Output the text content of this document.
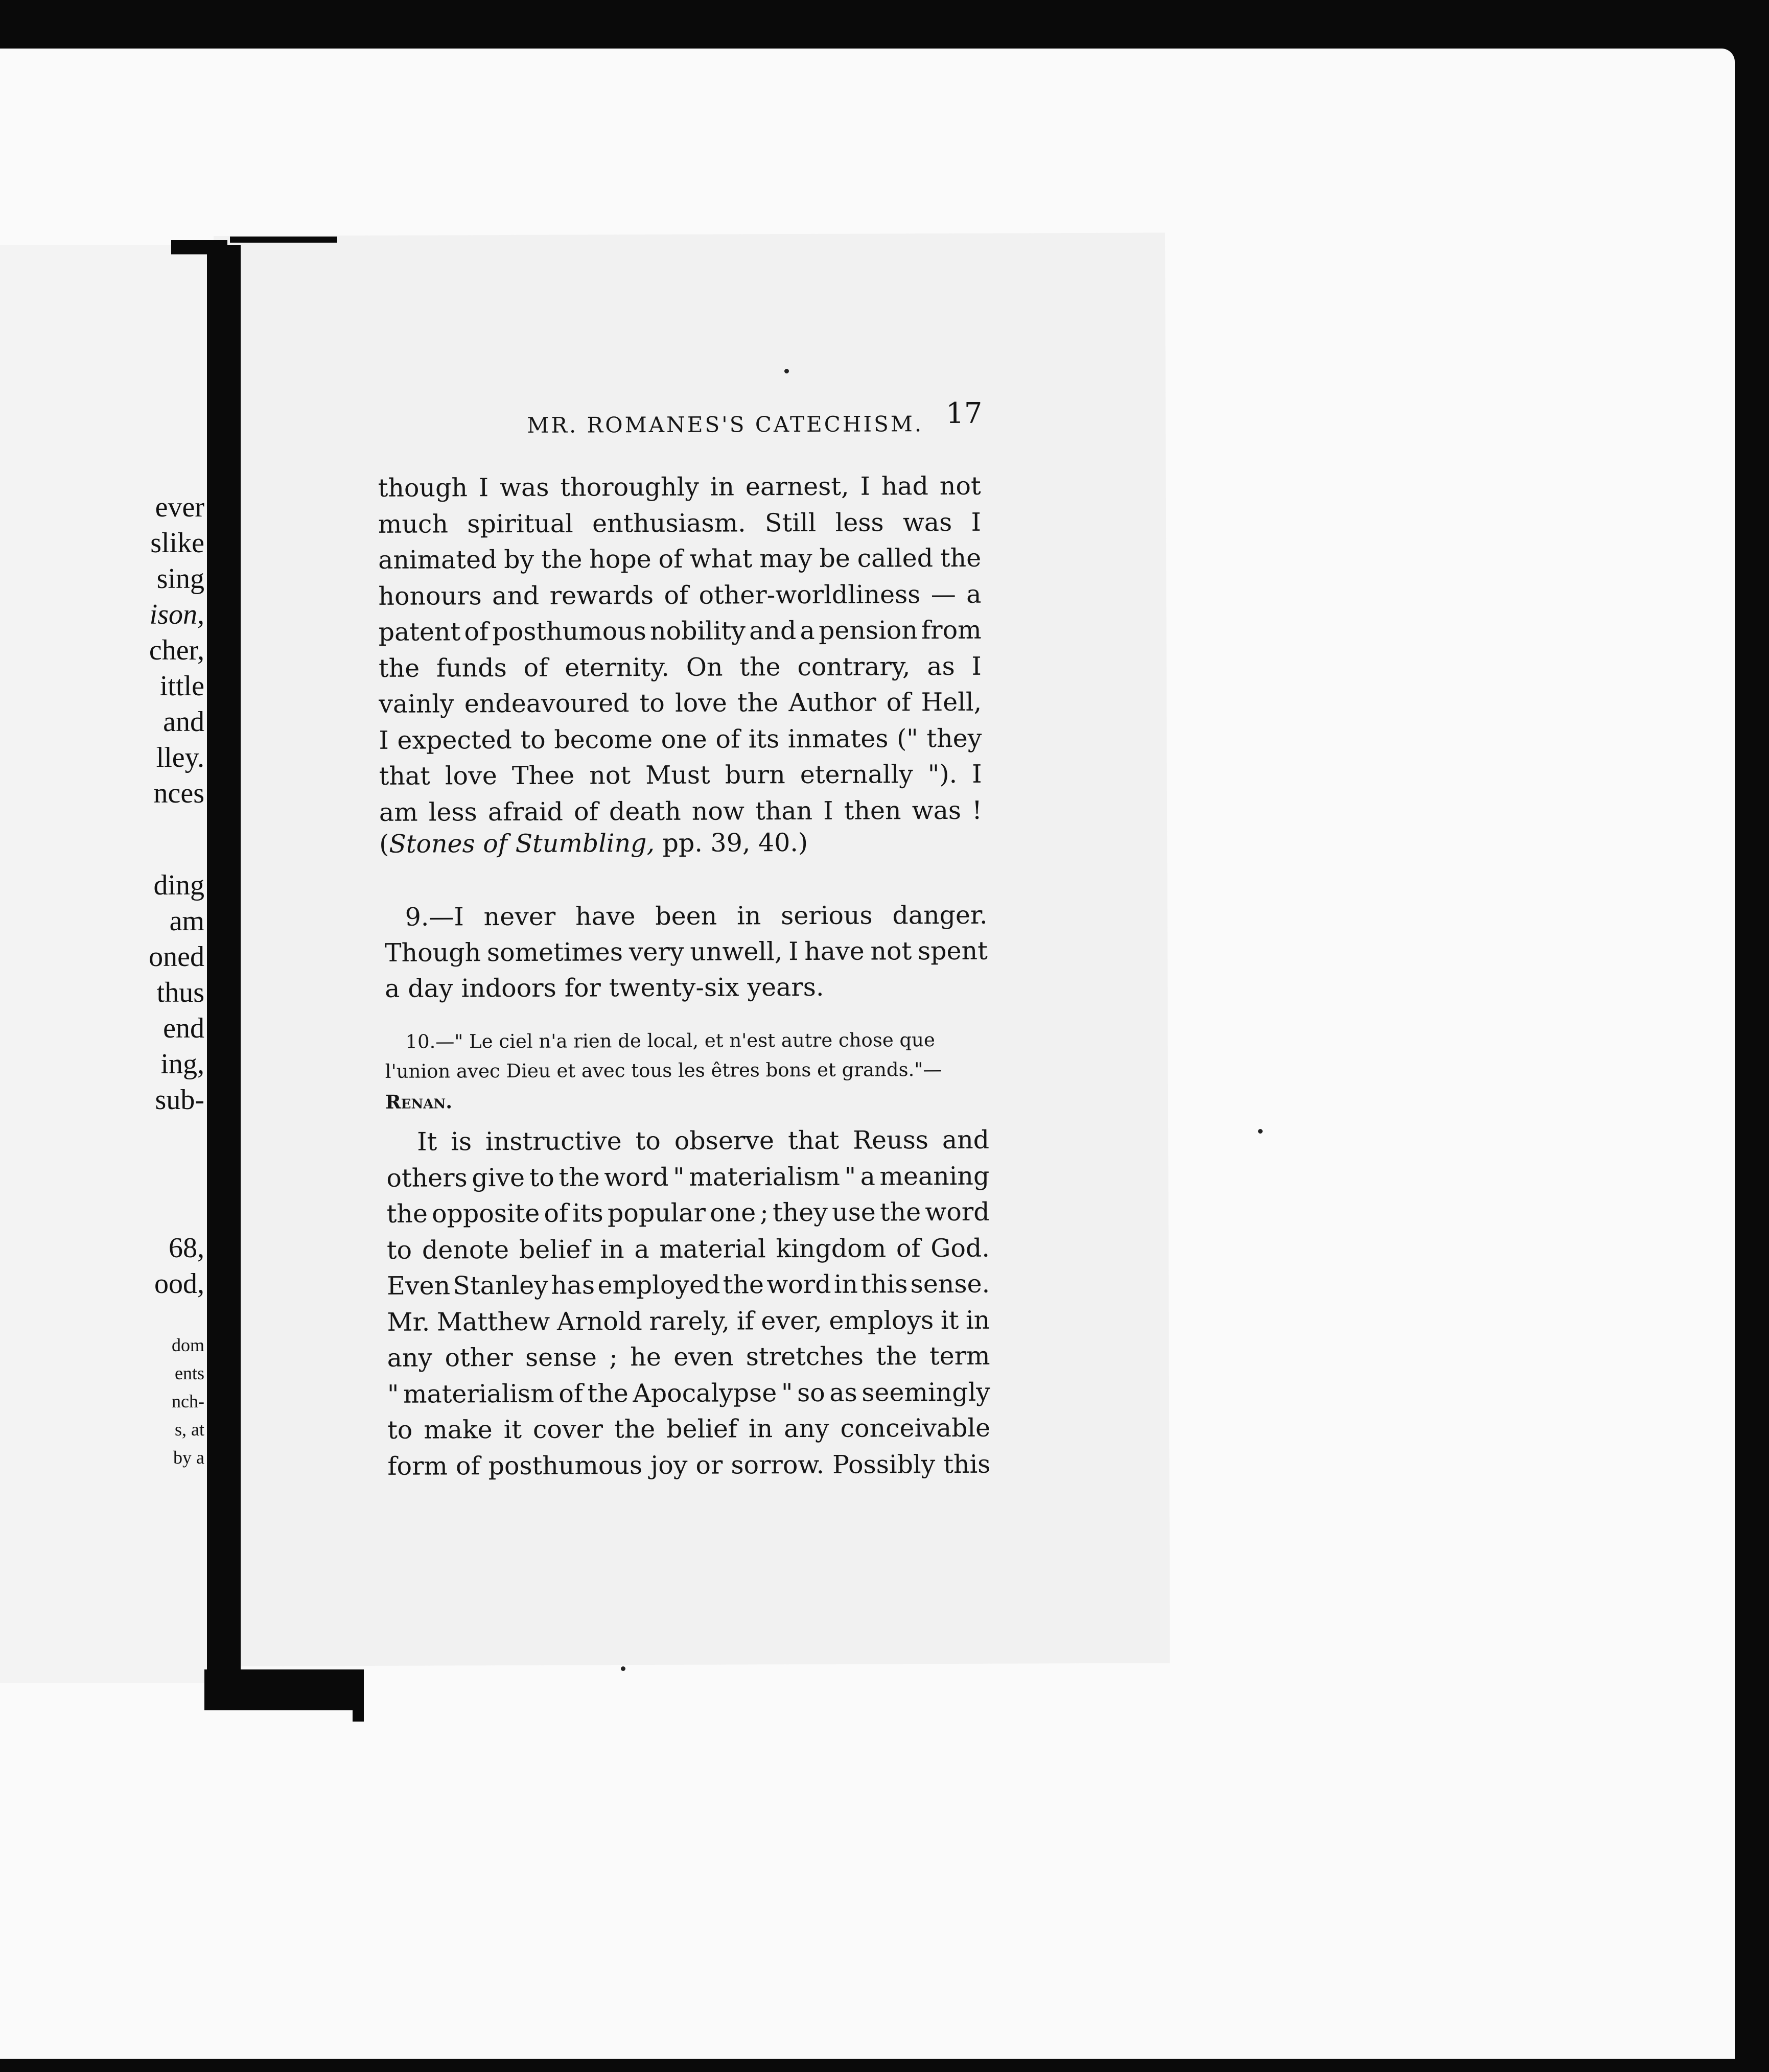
ever
slike
sing
ison,
cher,
ittle
and
lley.
nces
ding
am
oned
thus
end
ing,
sub-
68,
ood,
dom
ents
nch-
s, at
by a
MR. ROMANES'S CATECHISM. 17
though I was thoroughly in earnest, I had not
much spiritual enthusiasm. Still less was I
animated by the hope of what may be called the
honours and rewards of other-worldliness — a
patent of posthumous nobility and a pension from
the funds of eternity. On the contrary, as I
vainly endeavoured to love the Author of Hell,
I expected to become one of its inmates (" they
that love Thee not Must burn eternally "). I
am less afraid of death now than I then was !
( Stones of Stumbling, pp. 39, 40.)
9.—I never have been in serious danger.
Though sometimes very unwell, I have not spent
a day indoors for twenty-six years.
10.—" Le ciel n'a rien de local, et n'est autre chose que
l'union avec Dieu et avec tous les êtres bons et grands."—
Renan.
It is instructive to observe that Reuss and
others give to the word " materialism " a meaning
the opposite of its popular one ; they use the word
to denote belief in a material kingdom of God.
Even Stanley has employed the word in this sense.
Mr. Matthew Arnold rarely, if ever, employs it in
any other sense ; he even stretches the term
" materialism of the Apocalypse " so as seemingly
to make it cover the belief in any conceivable
form of posthumous joy or sorrow. Possibly this
